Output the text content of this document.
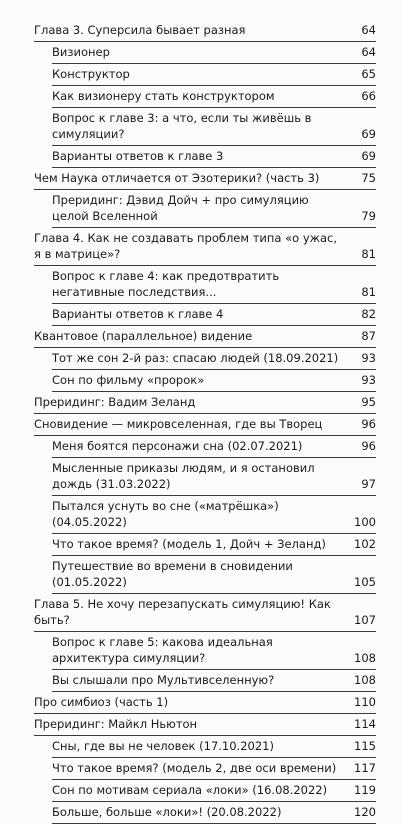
Глава 3. Суперсила бывает разная	64
Визионер	64
Конструктор	65
Как визионеру стать конструктором	66
Вопрос к главе 3: а что, если ты живёшь в симуляции?	69
Варианты ответов к главе 3	69
Чем Наука отличается от Эзотерики? (часть 3)	75
Преридинг: Дэвид Дойч + про симуляцию целой Вселенной	79
Глава 4. Как не создавать проблем типа «о ужас, я в матрице»?	81
Вопрос к главе 4: как предотвратить негативные последствия...	81
Варианты ответов к главе 4	82
Квантовое (параллельное) видение	87
Тот же сон 2-й раз: спасаю людей (18.09.2021)	93
Сон по фильму «пророк»	93
Преридинг: Вадим Зеланд	95
Сновидение — микровселенная, где вы Творец	96
Меня боятся персонажи сна (02.07.2021)	96
Мысленные приказы людям, и я остановил дождь (31.03.2022)	97
Пытался уснуть во сне («матрёшка») (04.05.2022)	100
Что такое время? (модель 1, Дойч + Зеланд)	102
Путешествие во времени в сновидении (01.05.2022)	105
Глава 5. Не хочу перезапускать симуляцию! Как быть?	107
Вопрос к главе 5: какова идеальная архитектура симуляции?	108
Вы слышали про Мультивселенную?	108
Про симбиоз (часть 1)	110
Преридинг: Майкл Ньютон	114
Сны, где вы не человек (17.10.2021)	115
Что такое время? (модель 2, две оси времени)	117
Сон по мотивам сериала «локи» (16.08.2022)	119
Больше, больше «локи»! (20.08.2022)	120
